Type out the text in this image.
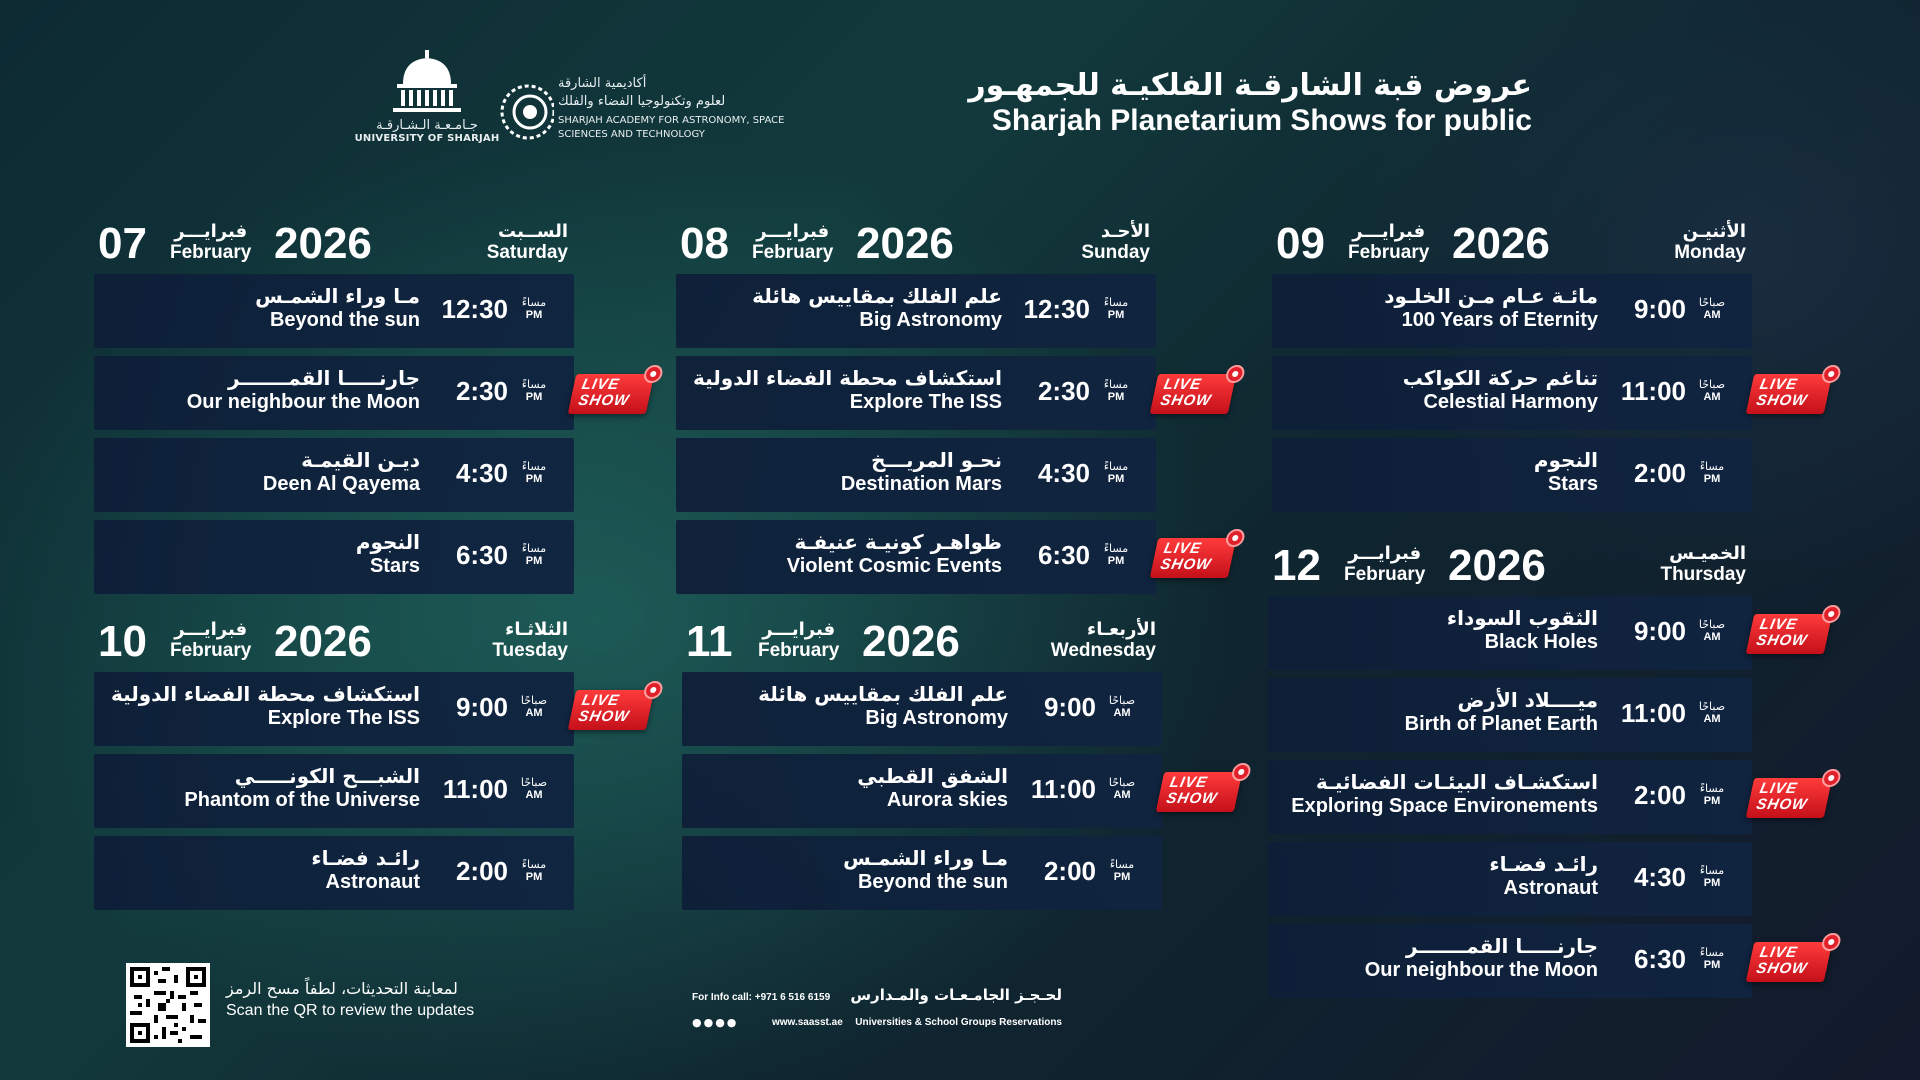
جـامـعـة الـشـارقـة
UNIVERSITY OF SHARJAH
أكاديمية الشارقة
لعلوم وتكنولوجيا الفضاء والفلك
SHARJAH ACADEMY FOR ASTRONOMY, SPACE SCIENCES AND TECHNOLOGY
عروض قبة الشارقـة الفلكيـة للجمهـور
Sharjah Planetarium Shows for public
07 فبرايـــر
February 2026	الســبت
Saturday
مـا وراء الشمـس
Beyond the sun 12:30	مساءً
PM
جارنـــــا القمـــــــر
Our neighbour the Moon	2:30	مساءً
PM
LIVE SHOW
ديـن القيمـة
Deen Al Qayema	4:30	مساءً
PM
النجوم
Stars	6:30	مساءً
PM
08 فبرايـــر
February 2026	الأحـد
Sunday
علم الفلك بمقاييس هائلة
Big Astronomy 12:30	مساءً
PM
استكشاف محطة الفضاء الدولية
Explore The ISS	2:30	مساءً
PM
LIVE SHOW
نحـو المريـــخ
Destination Mars	4:30	مساءً
PM
ظواهـر كونيـة عنيفـة
Violent Cosmic Events	6:30	مساءً
PM
LIVE SHOW
09 فبرايـــر
February 2026	الأثنيـن
Monday
مائـة عـام مـن الخلـود
100 Years of Eternity	9:00	صباحًا
AM
تناغم حركة الكواكب
Celestial Harmony 11:00	صباحًا
AM
LIVE SHOW
النجوم
Stars	2:00	مساءً
PM
10 فبرايـــر
February 2026	الثلاثـاء
Tuesday
استكشاف محطة الفضاء الدولية
Explore The ISS	9:00	صباحًا
AM
LIVE SHOW
الشبـــح الكونـــــي
Phantom of the Universe 11:00	صباحًا
AM
رائـد فضـاء
Astronaut	2:00	مساءً
PM
11 فبرايـــر
February 2026	الأربعـاء
Wednesday
علم الفلك بمقاييس هائلة
Big Astronomy	9:00	صباحًا
AM
الشفق القطبي
Aurora skies 11:00	صباحًا
AM
LIVE SHOW
مـا وراء الشمـس
Beyond the sun	2:00	مساءً
PM
12 فبرايـــر
February 2026	الخميـس
Thursday
الثقوب السوداء
Black Holes	9:00	صباحًا
AM
LIVE SHOW
ميــــلاد الأرض
Birth of Planet Earth 11:00	صباحًا
AM
استكشـاف البيئـات الفضائيـة
Exploring Space Environements	2:00	مساءً
PM
LIVE SHOW
رائـد فضـاء
Astronaut	4:30	مساءً
PM
جارنـــــا القمـــــــر
Our neighbour the Moon	6:30	مساءً
PM
LIVE SHOW
لمعاينة التحديثات، لطفاً مسح الرمز
Scan the QR to review the updates
For Info call: +971 6 516 6159 لحـجـز الجامـعـات والمـدارس
●●●●	www.saasst.ae Universities & School Groups Reservations
